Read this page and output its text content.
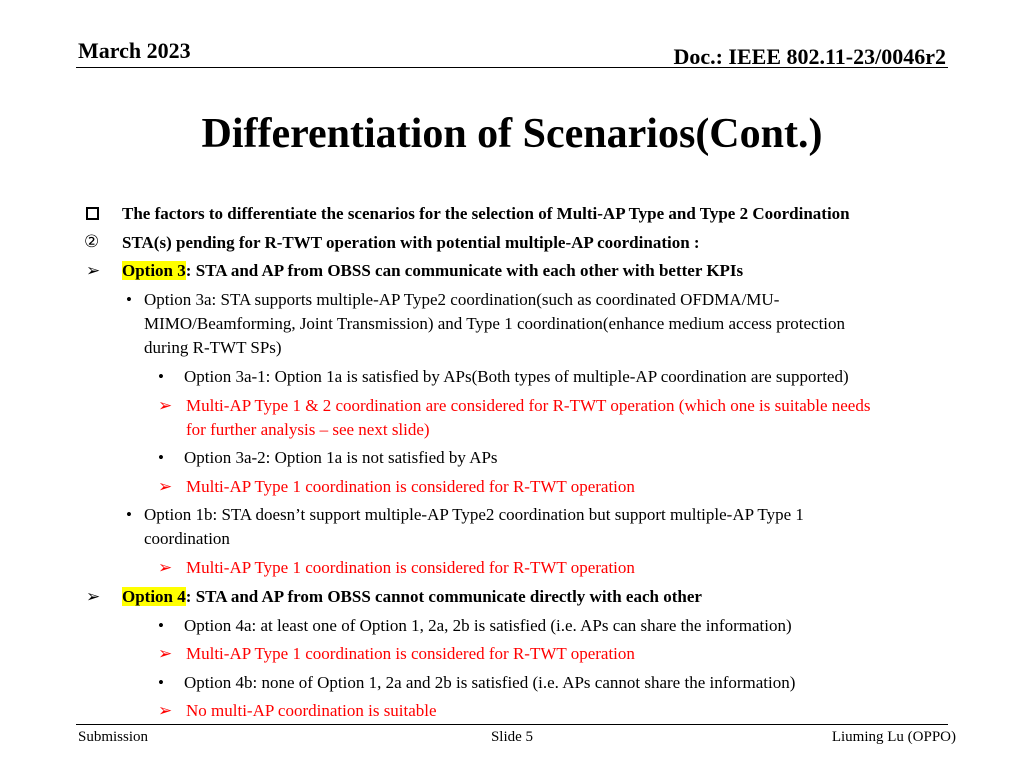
March 2023	Doc.: IEEE 802.11-23/0046r2
Differentiation of Scenarios(Cont.)
The factors to differentiate the scenarios for the selection of Multi-AP Type and Type 2 Coordination
② STA(s) pending for R-TWT operation with potential multiple-AP coordination :
➢ Option 3: STA and AP from OBSS can communicate with each other with better KPIs
• Option 3a: STA supports multiple-AP Type2 coordination(such as coordinated OFDMA/MU-
MIMO/Beamforming, Joint Transmission) and Type 1 coordination(enhance medium access protection
during R-TWT SPs)
• Option 3a-1: Option 1a is satisfied by APs(Both types of multiple-AP coordination are supported)
➢ Multi-AP Type 1 & 2 coordination are considered for R-TWT operation (which one is suitable needs
for further analysis – see next slide)
• Option 3a-2: Option 1a is not satisfied by APs
➢ Multi-AP Type 1 coordination is considered for R-TWT operation
• Option 1b: STA doesn’t support multiple-AP Type2 coordination but support multiple-AP Type 1
coordination
➢ Multi-AP Type 1 coordination is considered for R-TWT operation
➢ Option 4: STA and AP from OBSS cannot communicate directly with each other
• Option 4a: at least one of Option 1, 2a, 2b is satisfied (i.e. APs can share the information)
➢ Multi-AP Type 1 coordination is considered for R-TWT operation
• Option 4b: none of Option 1, 2a and 2b is satisfied (i.e. APs cannot share the information)
➢ No multi-AP coordination is suitable
Submission	Slide 5	Liuming Lu (OPPO)
